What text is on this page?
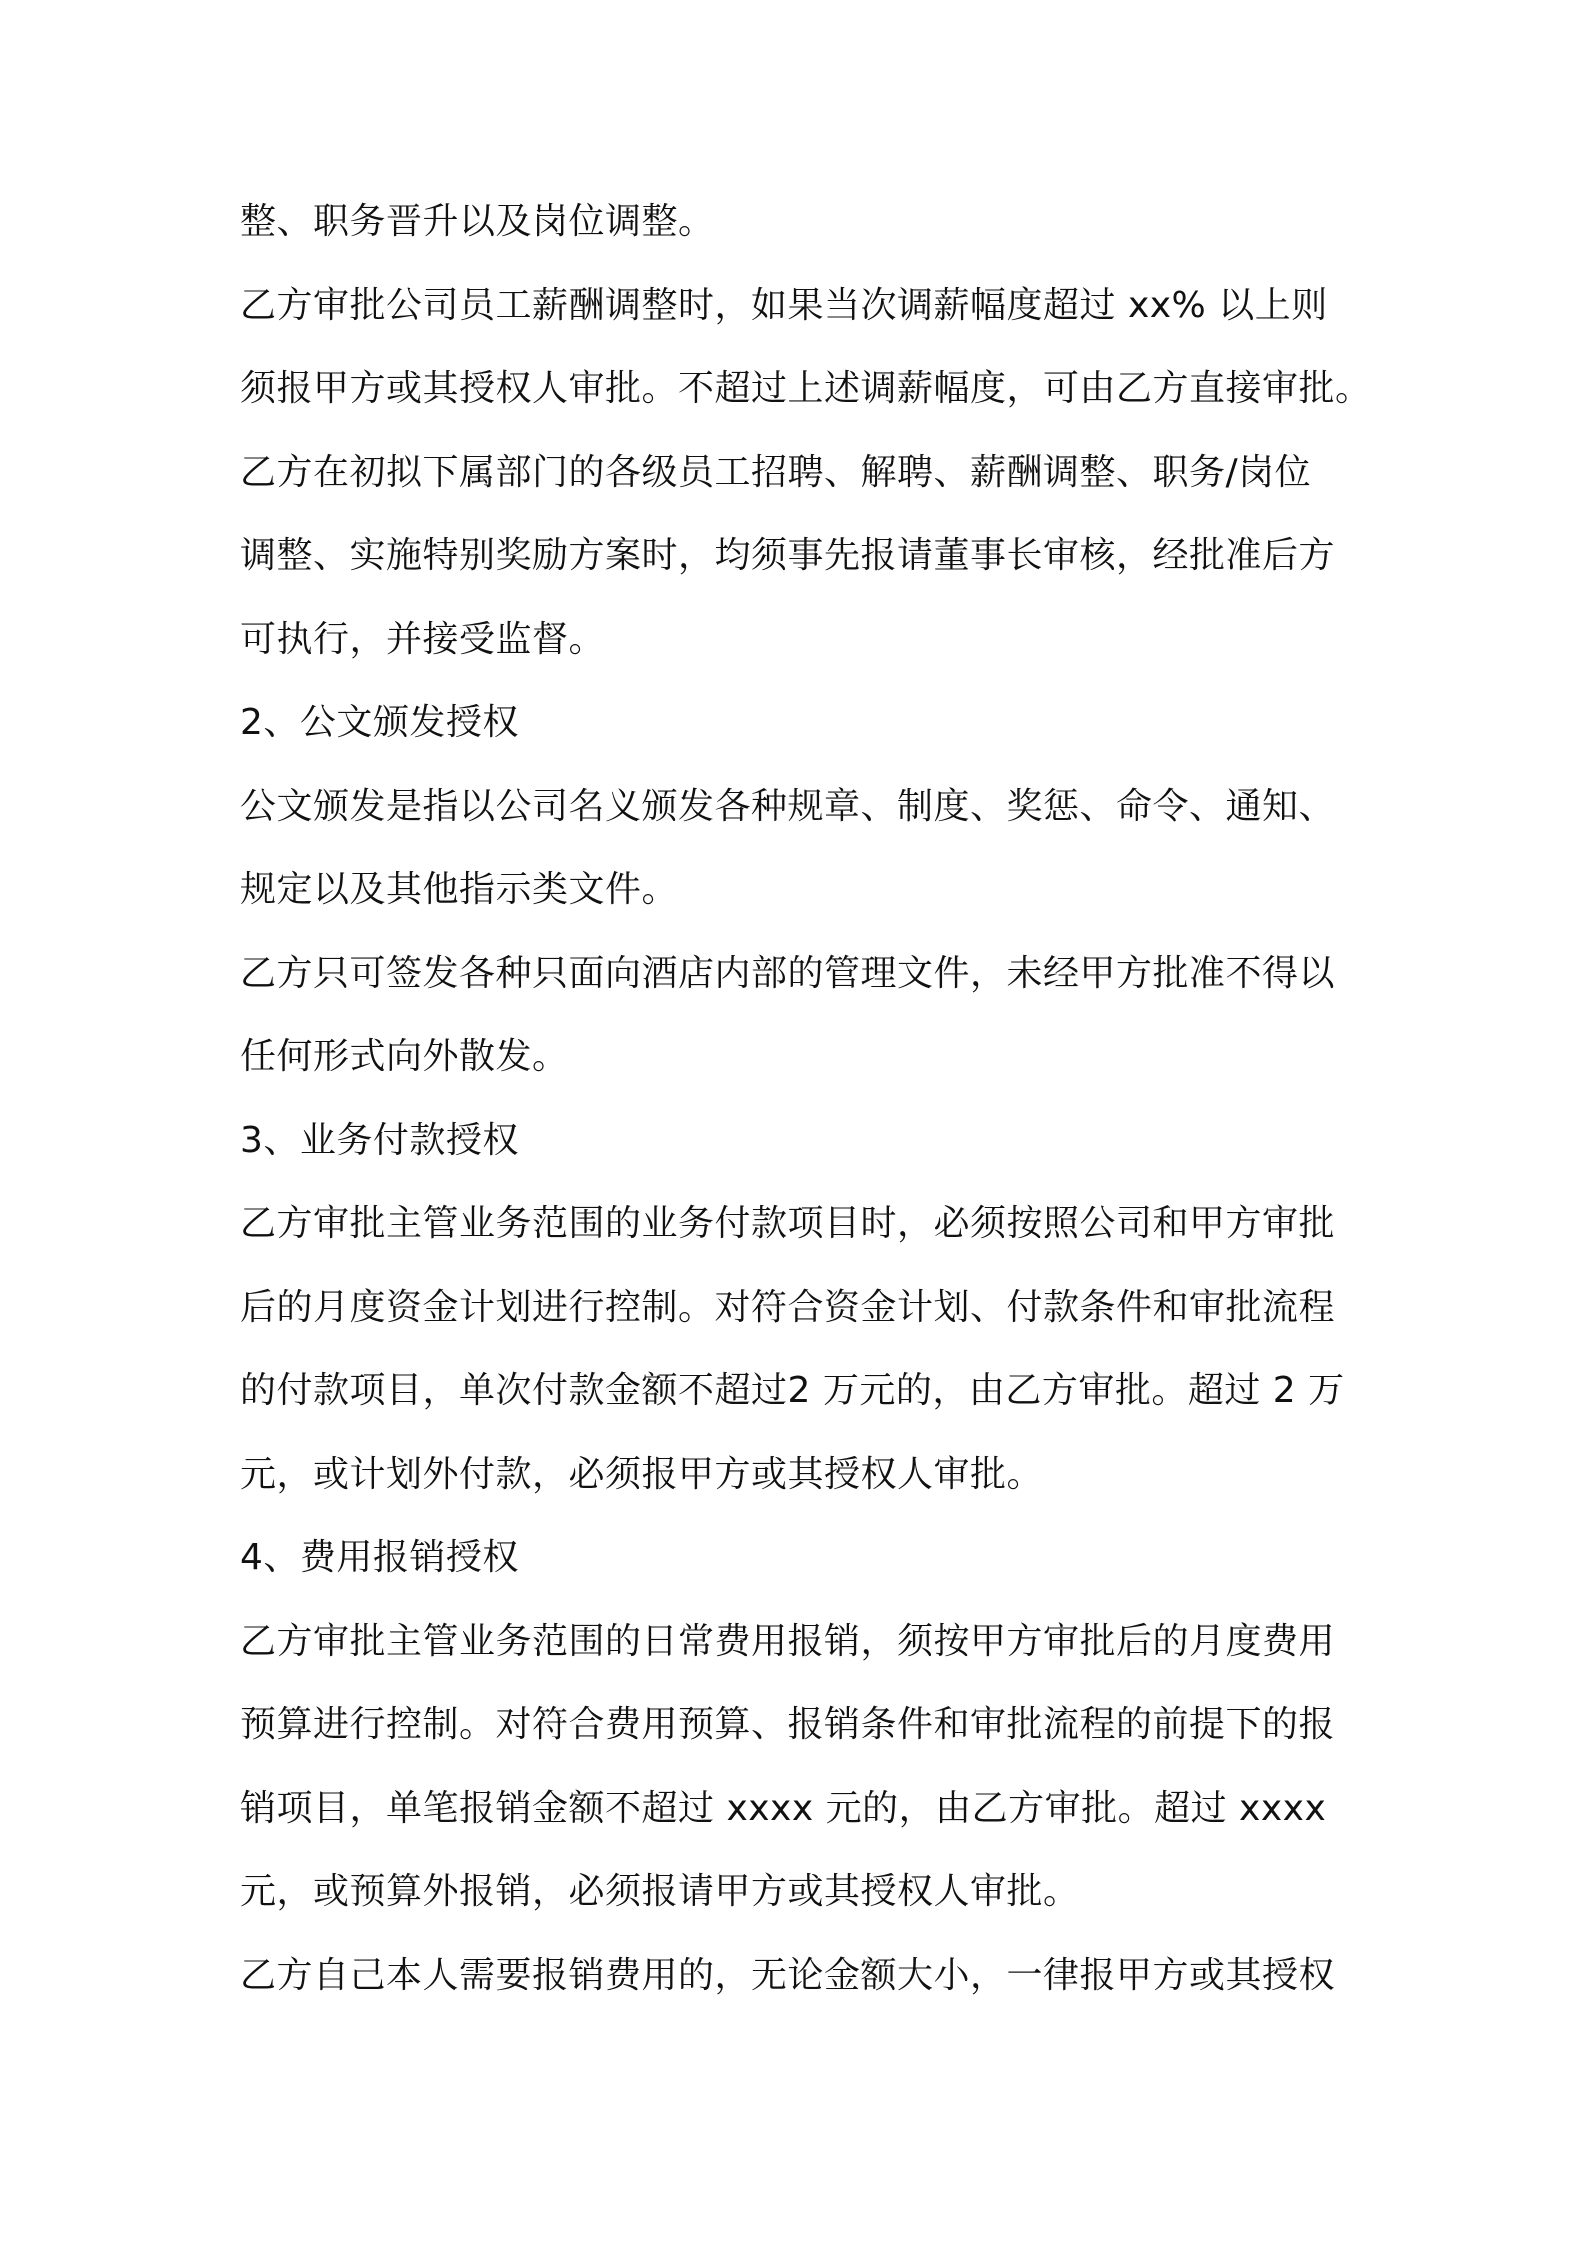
整、职务晋升以及岗位调整。
乙方审批公司员工薪酬调整时，如果当次调薪幅度超过 xx% 以上则
须报甲方或其授权人审批。不超过上述调薪幅度，可由乙方直接审批。
乙方在初拟下属部门的各级员工招聘、解聘、薪酬调整、职务/岗位
调整、实施特别奖励方案时，均须事先报请董事长审核，经批准后方
可执行，并接受监督。
2、公文颁发授权
公文颁发是指以公司名义颁发各种规章、制度、奖惩、命令、通知、
规定以及其他指示类文件。
乙方只可签发各种只面向酒店内部的管理文件，未经甲方批准不得以
任何形式向外散发。
3、业务付款授权
乙方审批主管业务范围的业务付款项目时，必须按照公司和甲方审批
后的月度资金计划进行控制。对符合资金计划、付款条件和审批流程
的付款项目，单次付款金额不超过2 万元的，由乙方审批。超过 2 万
元，或计划外付款，必须报甲方或其授权人审批。
4、费用报销授权
乙方审批主管业务范围的日常费用报销，须按甲方审批后的月度费用
预算进行控制。对符合费用预算、报销条件和审批流程的前提下的报
销项目，单笔报销金额不超过 xxxx 元的，由乙方审批。超过 xxxx
元，或预算外报销，必须报请甲方或其授权人审批。
乙方自己本人需要报销费用的，无论金额大小，一律报甲方或其授权
